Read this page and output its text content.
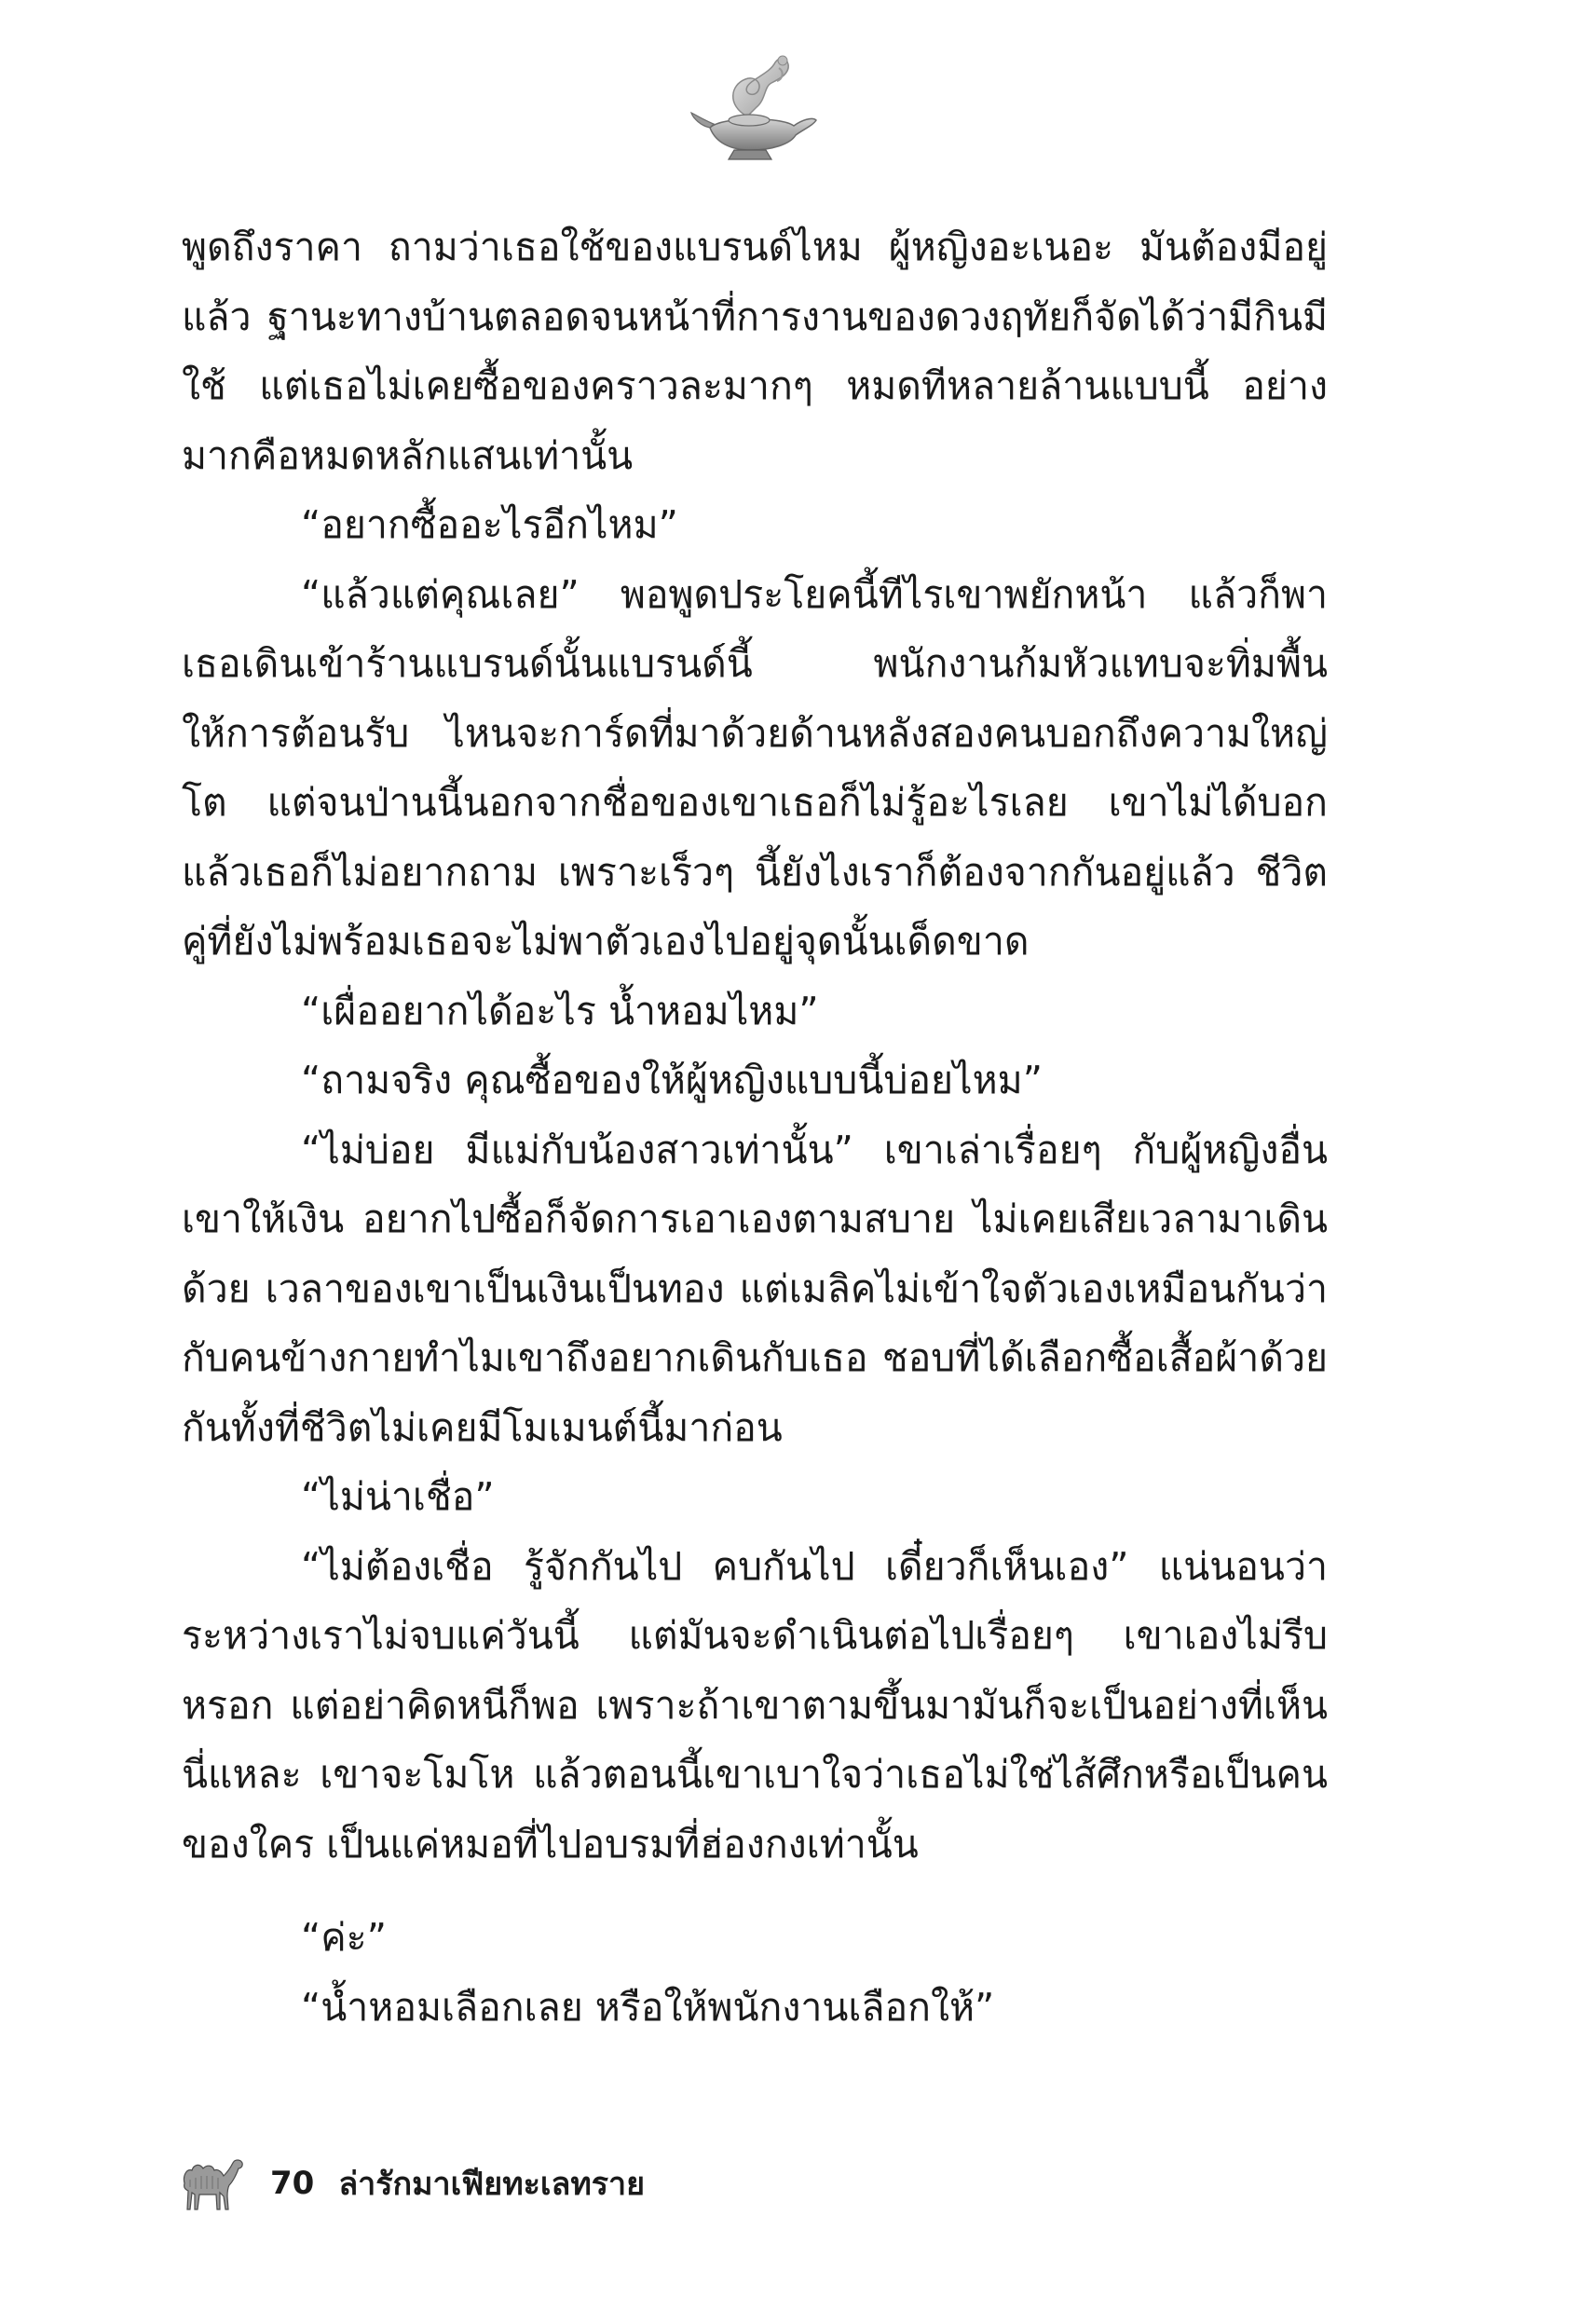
พูดถึงราคา ถามว่าเธอใช้ของแบรนด์ไหม ผู้หญิงอะเนอะ มันต้องมีอยู่แล้ว ฐานะทางบ้านตลอดจนหน้าที่การงานของดวงฤทัยก็จัดได้ว่ามีกินมีใช้ แต่เธอไม่เคยซื้อของคราวละมากๆ หมดทีหลายล้านแบบนี้ อย่างมากคือหมดหลักแสนเท่านั้น

“อยากซื้ออะไรอีกไหม”

“แล้วแต่คุณเลย” พอพูดประโยคนี้ทีไรเขาพยักหน้า แล้วก็พาเธอเดินเข้าร้านแบรนด์นั้นแบรนด์นี้ พนักงานก้มหัวแทบจะทิ่มพื้นให้การต้อนรับ ไหนจะการ์ดที่มาด้วยด้านหลังสองคนบอกถึงความใหญ่โต แต่จนป่านนี้นอกจากชื่อของเขาเธอก็ไม่รู้อะไรเลย เขาไม่ได้บอก แล้วเธอก็ไม่อยากถาม เพราะเร็วๆ นี้ยังไงเราก็ต้องจากกันอยู่แล้ว ชีวิตคู่ที่ยังไม่พร้อมเธอจะไม่พาตัวเองไปอยู่จุดนั้นเด็ดขาด

“เผื่ออยากได้อะไร น้ำหอมไหม”

“ถามจริง คุณซื้อของให้ผู้หญิงแบบนี้บ่อยไหม”

“ไม่บ่อย มีแม่กับน้องสาวเท่านั้น” เขาเล่าเรื่อยๆ กับผู้หญิงอื่นเขาให้เงิน อยากไปซื้อก็จัดการเอาเองตามสบาย ไม่เคยเสียเวลามาเดินด้วย เวลาของเขาเป็นเงินเป็นทอง แต่เมลิคไม่เข้าใจตัวเองเหมือนกันว่ากับคนข้างกายทำไมเขาถึงอยากเดินกับเธอ ชอบที่ได้เลือกซื้อเสื้อผ้าด้วยกันทั้งที่ชีวิตไม่เคยมีโมเมนต์นี้มาก่อน

“ไม่น่าเชื่อ”

“ไม่ต้องเชื่อ รู้จักกันไป คบกันไป เดี๋ยวก็เห็นเอง” แน่นอนว่าระหว่างเราไม่จบแค่วันนี้ แต่มันจะดำเนินต่อไปเรื่อยๆ เขาเองไม่รีบหรอก แต่อย่าคิดหนีก็พอ เพราะถ้าเขาตามขึ้นมามันก็จะเป็นอย่างที่เห็นนี่แหละ เขาจะโมโห แล้วตอนนี้เขาเบาใจว่าเธอไม่ใช่ไส้ศึกหรือเป็นคนของใคร เป็นแค่หมอที่ไปอบรมที่ฮ่องกงเท่านั้น

“ค่ะ”

“น้ำหอมเลือกเลย หรือให้พนักงานเลือกให้”

70 ล่ารักมาเฟียทะเลทราย
